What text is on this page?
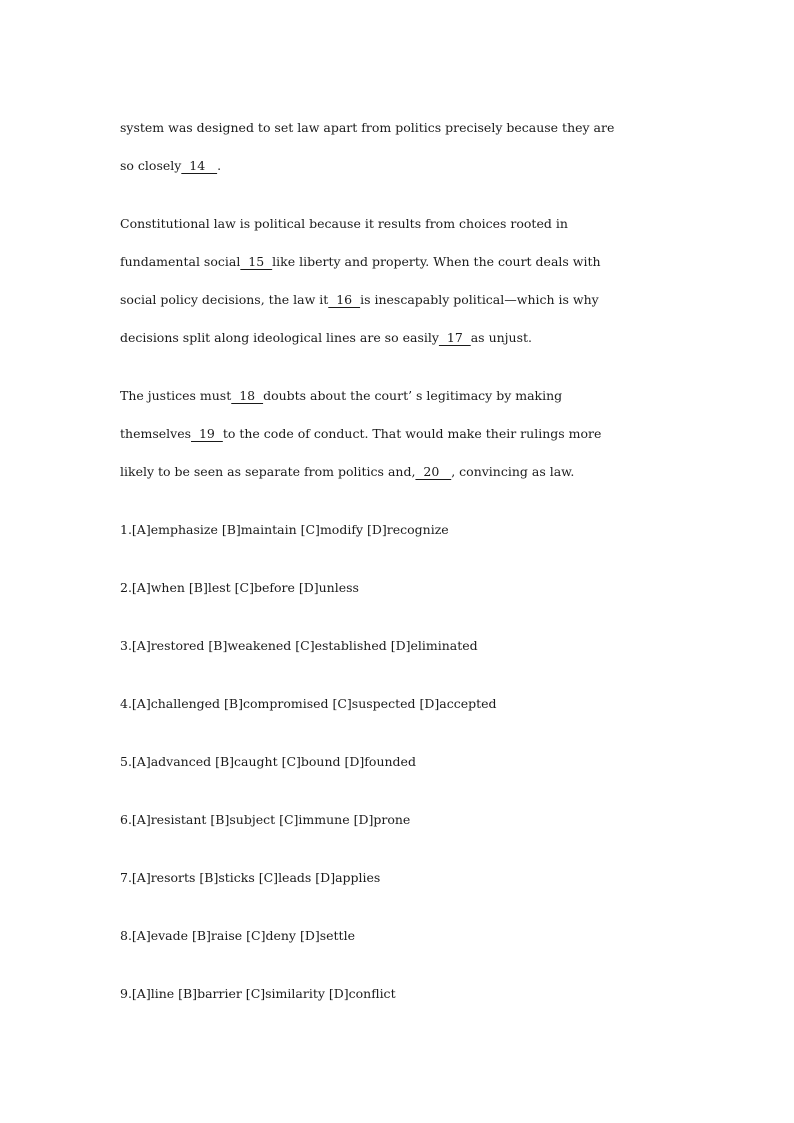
system was designed to set law apart from politics precisely because they are
so closely  14   .
Constitutional law is political because it results from choices rooted in
fundamental social  15  like liberty and property. When the court deals with
social policy decisions, the law it  16  is inescapably political—which is why
decisions split along ideological lines are so easily  17  as unjust.
The justices must  18  doubts about the court’ s legitimacy by making
themselves  19  to the code of conduct. That would make their rulings more
likely to be seen as separate from politics and,  20   , convincing as law.
1.[A]emphasize [B]maintain [C]modify [D]recognize
2.[A]when [B]lest [C]before [D]unless
3.[A]restored [B]weakened [C]established [D]eliminated
4.[A]challenged [B]compromised [C]suspected [D]accepted
5.[A]advanced [B]caught [C]bound [D]founded
6.[A]resistant [B]subject [C]immune [D]prone
7.[A]resorts [B]sticks [C]leads [D]applies
8.[A]evade [B]raise [C]deny [D]settle
9.[A]line [B]barrier [C]similarity [D]conflict
